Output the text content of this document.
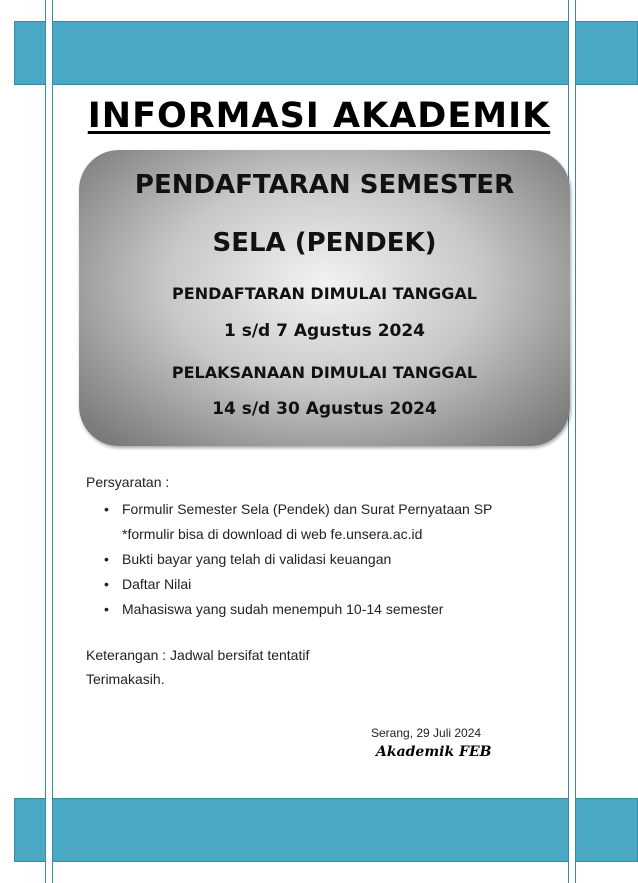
INFORMASI AKADEMIK
PENDAFTARAN SEMESTER
SELA (PENDEK)
PENDAFTARAN DIMULAI TANGGAL
1 s/d 7 Agustus 2024
PELAKSANAAN DIMULAI TANGGAL
14 s/d 30 Agustus 2024
Persyaratan :
• Formulir Semester Sela (Pendek) dan Surat Pernyataan SP
*formulir bisa di download di web fe.unsera.ac.id
• Bukti bayar yang telah di validasi keuangan
• Daftar Nilai
• Mahasiswa yang sudah menempuh 10-14 semester
Keterangan : Jadwal bersifat tentatif
Terimakasih.
Serang, 29 Juli 2024
Akademik FEB
